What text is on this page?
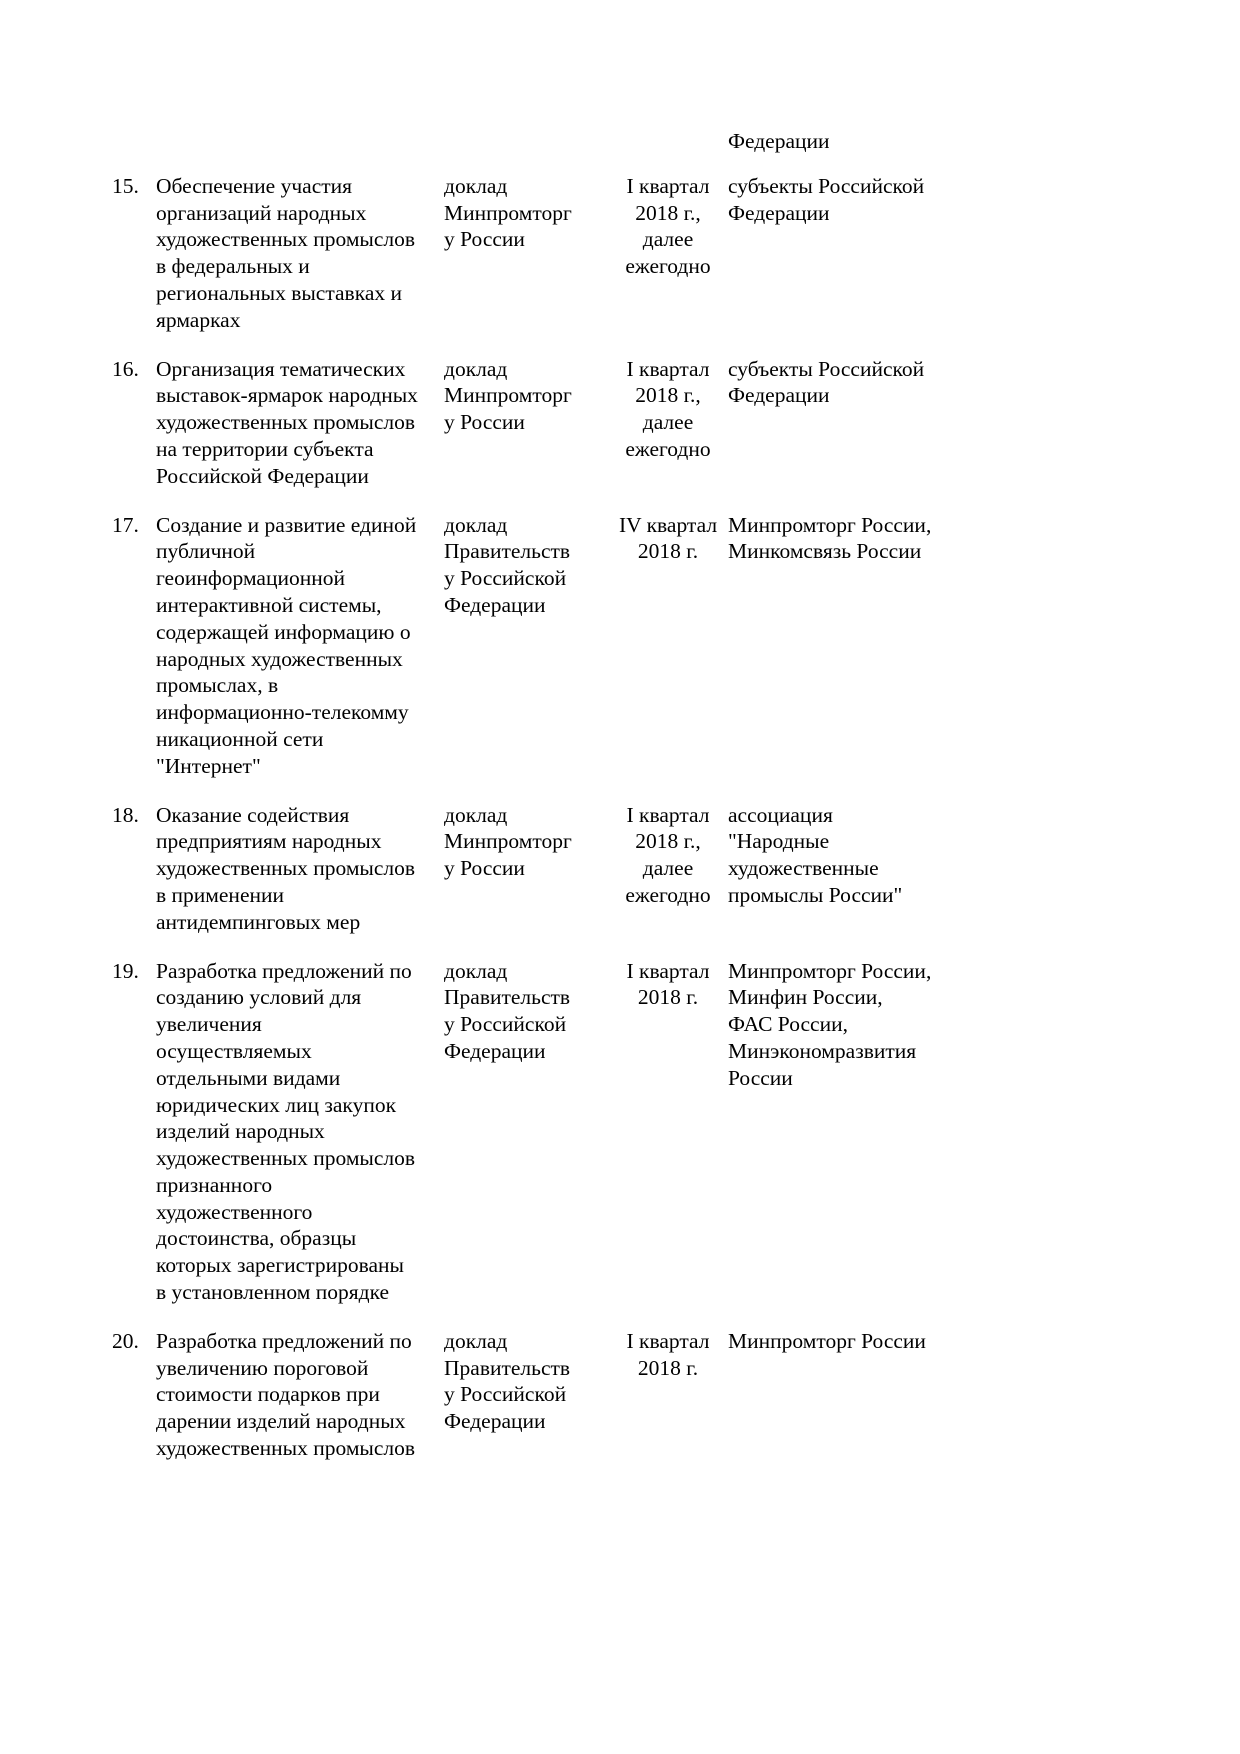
Федерации
15. Обеспечение участия
организаций народных
художественных промыслов
в федеральных и
региональных выставках и
ярмарках
доклад
Минпромторг
у России
I квартал
2018 г.,
далее
ежегодно
субъекты Российской
Федерации
16. Организация тематических
выставок-ярмарок народных
художественных промыслов
на территории субъекта
Российской Федерации
доклад
Минпромторг
у России
I квартал
2018 г.,
далее
ежегодно
субъекты Российской
Федерации
17. Создание и развитие единой
публичной
геоинформационной
интерактивной системы,
содержащей информацию о
народных художественных
промыслах, в
информационно-телекомму
никационной сети
"Интернет"
доклад
Правительств
у Российской
Федерации
IV квартал
2018 г.
Минпромторг России,
Минкомсвязь России
18. Оказание содействия
предприятиям народных
художественных промыслов
в применении
антидемпинговых мер
доклад
Минпромторг
у России
I квартал
2018 г.,
далее
ежегодно
ассоциация
"Народные
художественные
промыслы России"
19. Разработка предложений по
созданию условий для
увеличения
осуществляемых
отдельными видами
юридических лиц закупок
изделий народных
художественных промыслов
признанного
художественного
достоинства, образцы
которых зарегистрированы
в установленном порядке
доклад
Правительств
у Российской
Федерации
I квартал
2018 г.
Минпромторг России,
Минфин России,
ФАС России,
Минэкономразвития
России
20. Разработка предложений по
увеличению пороговой
стоимости подарков при
дарении изделий народных
художественных промыслов
доклад
Правительств
у Российской
Федерации
I квартал
2018 г.
Минпромторг России
